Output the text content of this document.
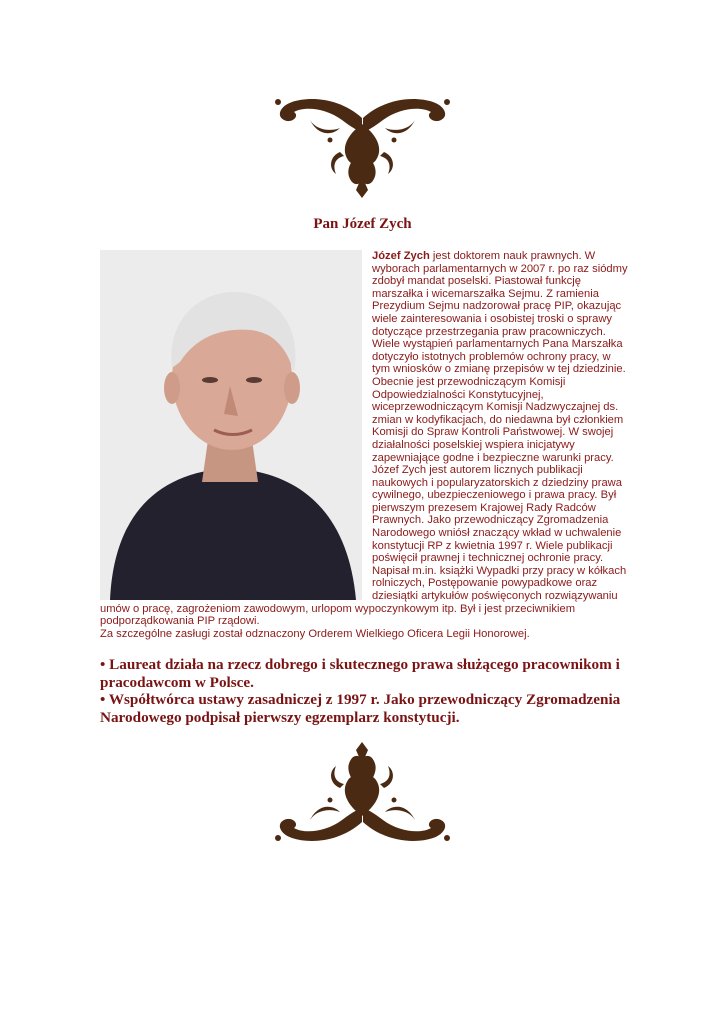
Pan Józef Zych

Józef Zych jest doktorem nauk prawnych. W wyborach parlamentarnych w 2007 r. po raz siódmy zdobył mandat poselski. Piastował funkcję marszałka i wicemarszałka Sejmu. Z ramienia Prezydium Sejmu nadzorował pracę PIP, okazując wiele zainteresowania i osobistej troski o sprawy dotyczące przestrzegania praw pracowniczych. Wiele wystąpień parlamentarnych Pana Marszałka dotyczyło istotnych problemów ochrony pracy, w tym wniosków o zmianę przepisów w tej dziedzinie. Obecnie jest przewodniczącym Komisji Odpowiedzialności Konstytucyjnej, wiceprzewodniczącym Komisji Nadzwyczajnej ds. zmian w kodyfikacjach, do niedawna był członkiem Komisji do Spraw Kontroli Państwowej. W swojej działalności poselskiej wspiera inicjatywy zapewniające godne i bezpieczne warunki pracy. Józef Zych jest autorem licznych publikacji naukowych i popularyzatorskich z dziedziny prawa cywilnego, ubezpieczeniowego i prawa pracy. Był pierwszym prezesem Krajowej Rady Radców Prawnych. Jako przewodniczący Zgromadzenia Narodowego wniósł znaczący wkład w uchwalenie konstytucji RP z kwietnia 1997 r. Wiele publikacji poświęcił prawnej i technicznej ochronie pracy. Napisał m.in. książki Wypadki przy pracy w kółkach rolniczych, Postępowanie powypadkowe oraz dziesiątki artykułów poświęconych rozwiązywaniu umów o pracę, zagrożeniom zawodowym, urlopom wypoczynkowym itp. Był i jest przeciwnikiem podporządkowania PIP rządowi.

Za szczególne zasługi został odznaczony Orderem Wielkiego Oficera Legii Honorowej.

• Laureat działa na rzecz dobrego i skutecznego prawa służącego pracownikom i pracodawcom w Polsce.

• Współtwórca ustawy zasadniczej z 1997 r. Jako przewodniczący Zgromadzenia Narodowego podpisał pierwszy egzemplarz konstytucji.
